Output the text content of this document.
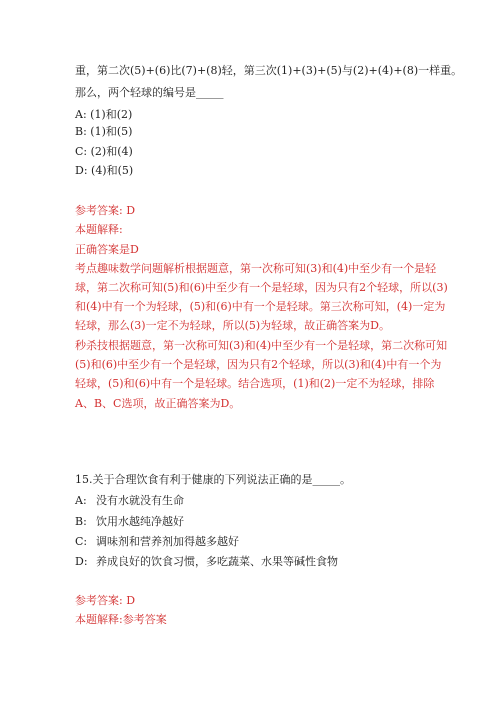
重，第二次(5)+(6)比(7)+(8)轻，第三次(1)+(3)+(5)与(2)+(4)+(8)一样重。
那么，两个轻球的编号是_____
A: (1)和(2)
B: (1)和(5)
C: (2)和(4)
D: (4)和(5)
参考答案: D
本题解释:
正确答案是D
考点趣味数学问题解析根据题意，第一次称可知(3)和(4)中至少有一个是轻
球，第二次称可知(5)和(6)中至少有一个是轻球，因为只有2个轻球，所以(3)
和(4)中有一个为轻球，(5)和(6)中有一个是轻球。第三次称可知，(4)一定为
轻球，那么(3)一定不为轻球，所以(5)为轻球，故正确答案为D。
秒杀技根据题意，第一次称可知(3)和(4)中至少有一个是轻球，第二次称可知
(5)和(6)中至少有一个是轻球，因为只有2个轻球，所以(3)和(4)中有一个为
轻球，(5)和(6)中有一个是轻球。结合选项，(1)和(2)一定不为轻球，排除
A、B、C选项，故正确答案为D。
15.关于合理饮食有利于健康的下列说法正确的是_____。
A: 没有水就没有生命
B: 饮用水越纯净越好
C: 调味剂和营养剂加得越多越好
D: 养成良好的饮食习惯，多吃蔬菜、水果等碱性食物
参考答案: D
本题解释:参考答案
